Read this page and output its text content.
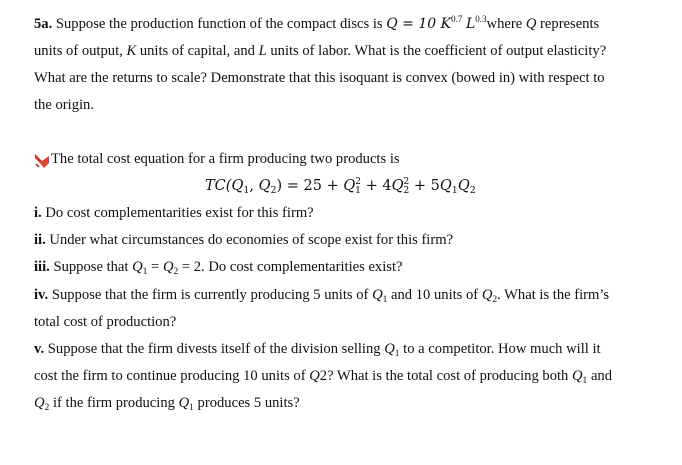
5a. Suppose the production function of the compact discs is Q = 10 $K^{0.7}$ $L^{0.3}where$ Q represents
units of output, K units of capital, and L units of labor. What is the coefficient of output elasticity?
What are the returns to scale? Demonstrate that this isoquant is convex (bowed in) with respect to
the origin.
The total cost equation for a firm producing two products is
$TC(Q_1$, $Q_2) = 25 + Q^2_1 + 4Q^2_2 + 5Q_1Q_2$
i. Do cost complementarities exist for this firm?
ii. Under what circumstances do economies of scope exist for this firm?
iii. Suppose that $Q_1 = Q_2 = 2$. Do cost complementarities exist?
iv. Suppose that the firm is currently producing 5 units of $Q_1$ and 10 units of $Q_2$. What is the firm’s
total cost of production?
v. Suppose that the firm divests itself of the division selling $Q_1$ to a competitor. How much will it
cost the firm to continue producing 10 units of Q2? What is the total cost of producing both $Q_1$ and
$Q_2$ if the firm producing $Q_1$ produces 5 units?
